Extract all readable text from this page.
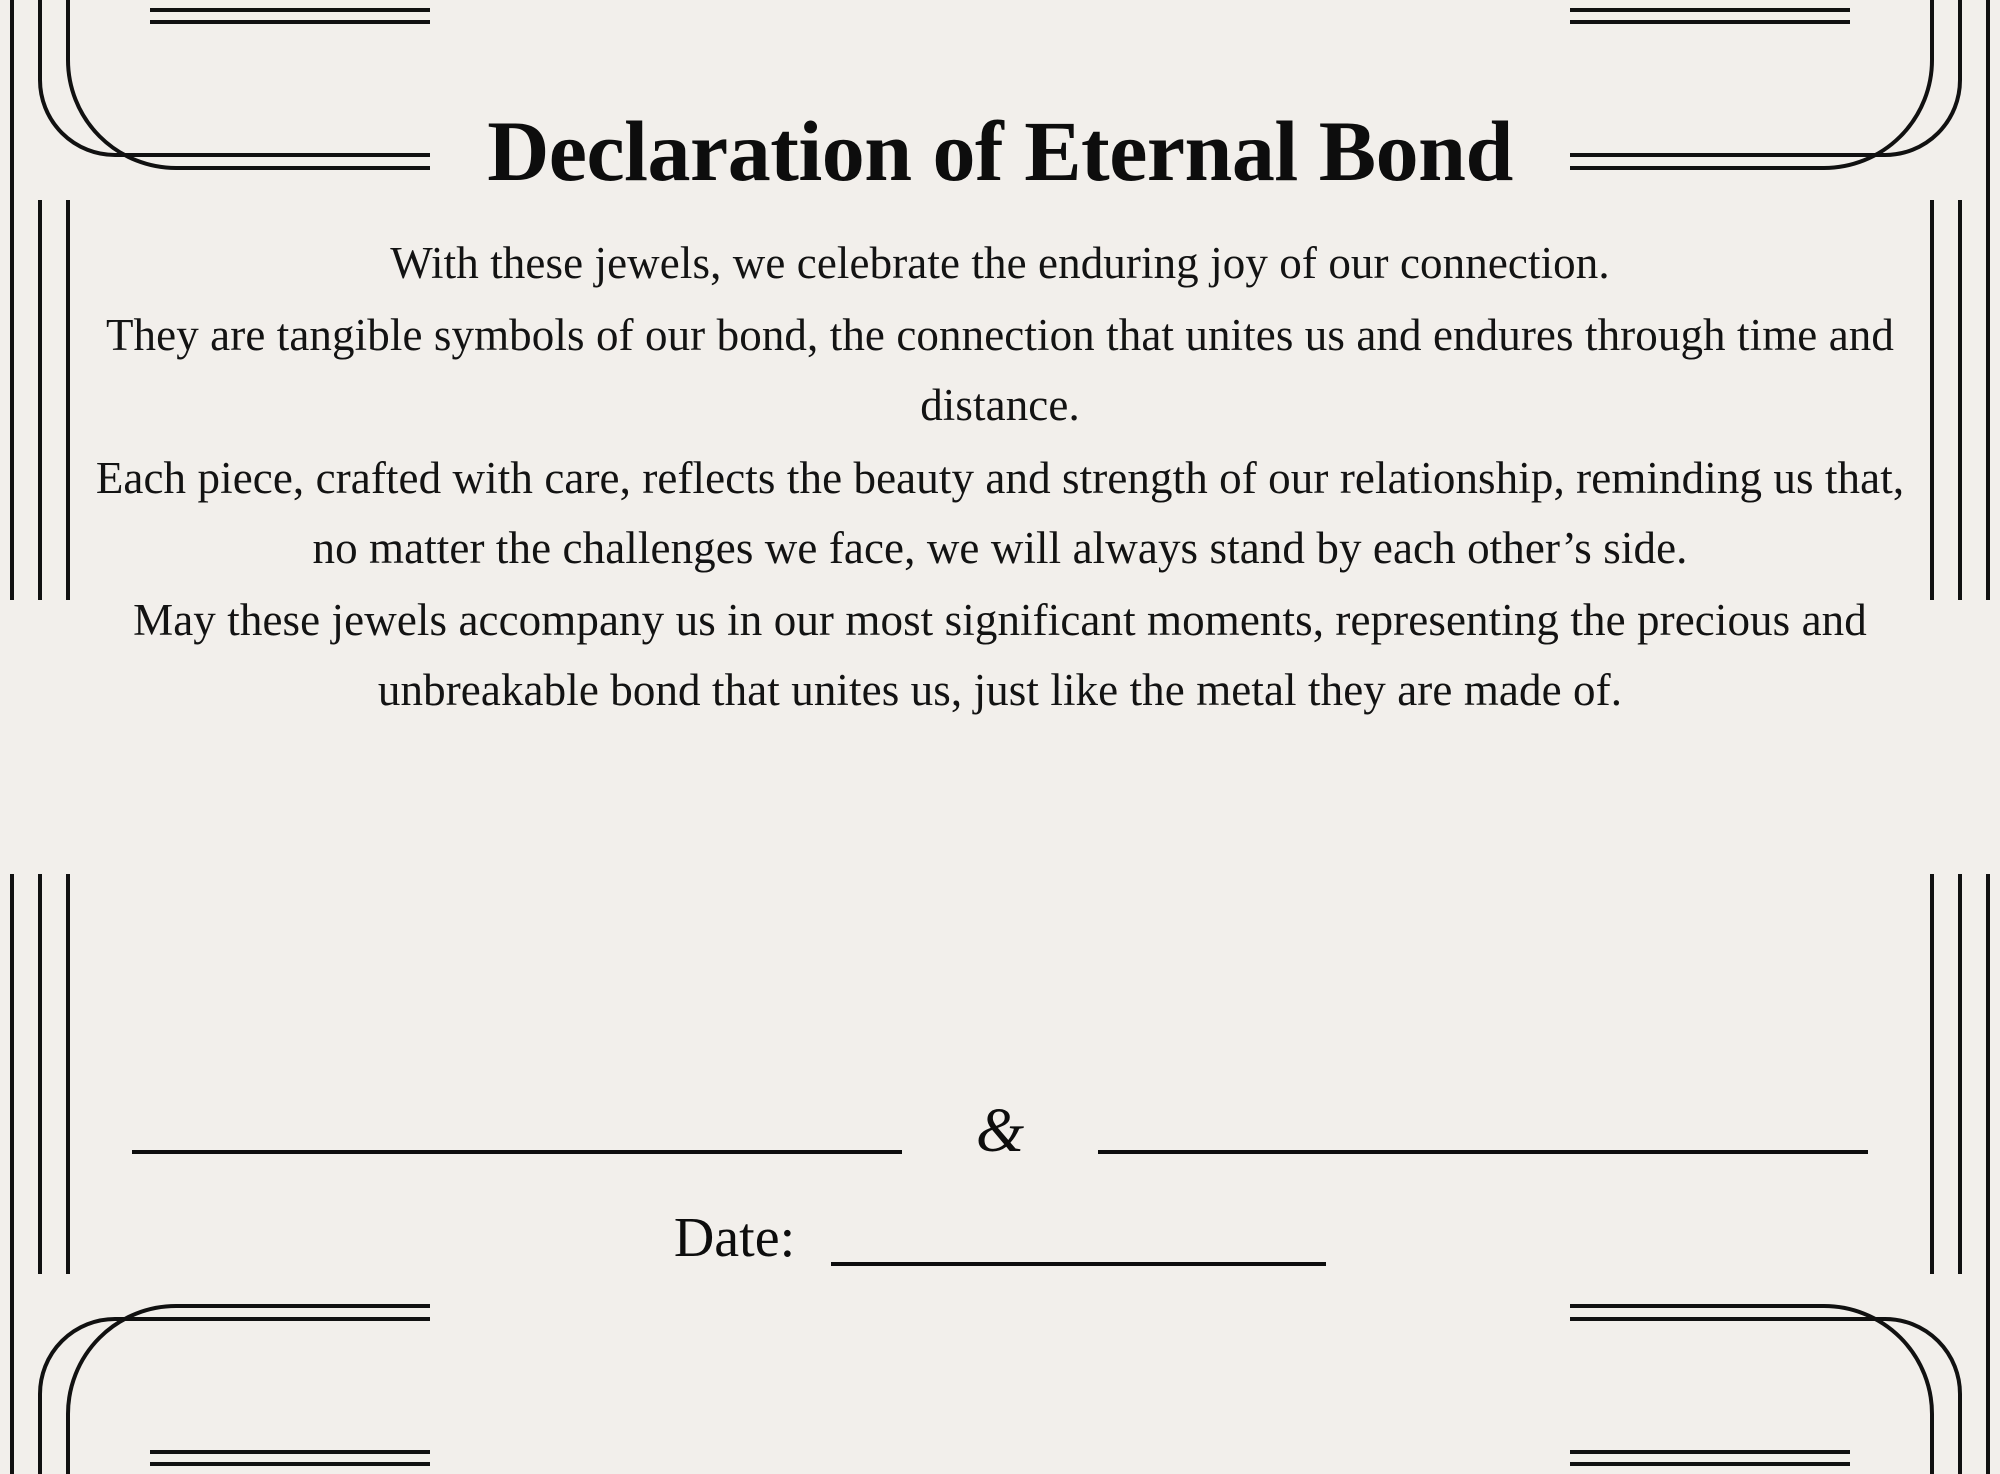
Declaration of Eternal Bond

With these jewels, we celebrate the enduring joy of our connection.

They are tangible symbols of our bond, the connection that unites us and endures through time and distance.

Each piece, crafted with care, reflects the beauty and strength of our relationship, reminding us that, no matter the challenges we face, we will always stand by each other’s side.

May these jewels accompany us in our most significant moments, representing the precious and unbreakable bond that unites us, just like the metal they are made of.

&
Date:
